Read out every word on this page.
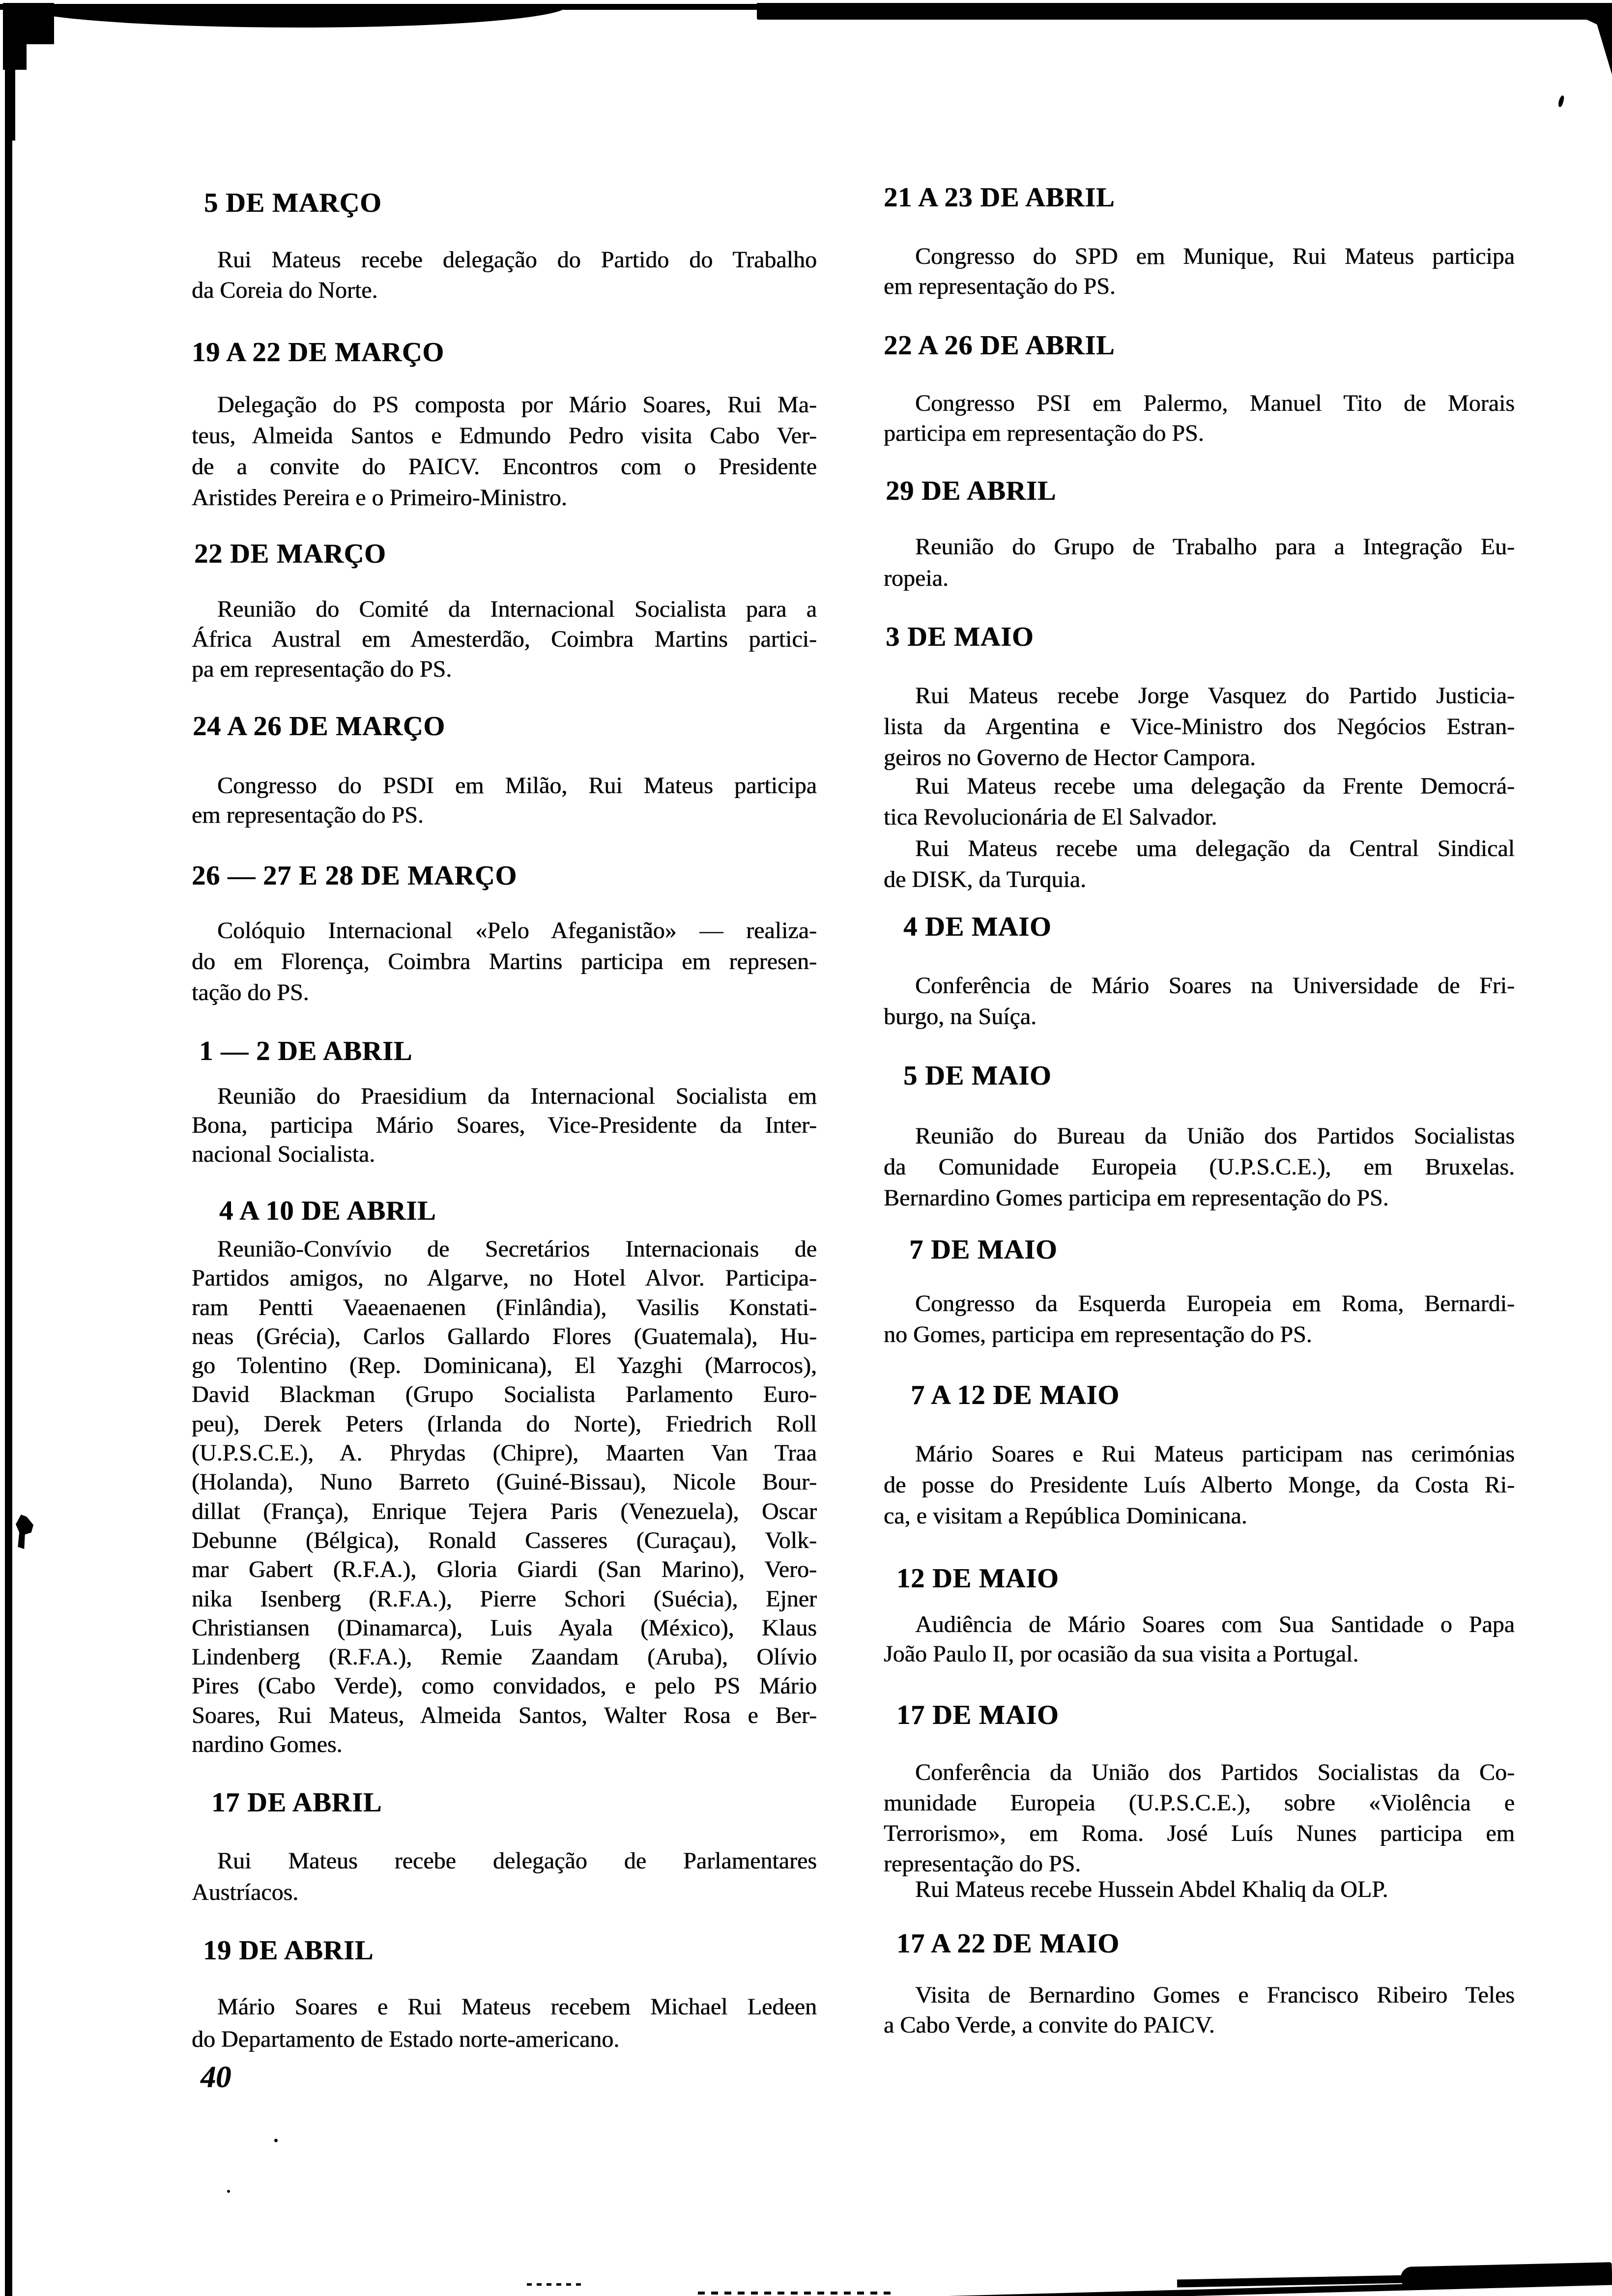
5 DE MARÇO
Rui Mateus recebe delegação do Partido do Trabalho
da Coreia do Norte.
19 A 22 DE MARÇO
Delegação do PS composta por Mário Soares, Rui Ma-
teus, Almeida Santos e Edmundo Pedro visita Cabo Ver-
de a convite do PAICV. Encontros com o Presidente
Aristides Pereira e o Primeiro-Ministro.
22 DE MARÇO
Reunião do Comité da Internacional Socialista para a
África Austral em Amesterdão, Coimbra Martins partici-
pa em representação do PS.
24 A 26 DE MARÇO
Congresso do PSDI em Milão, Rui Mateus participa
em representação do PS.
26 — 27 E 28 DE MARÇO
Colóquio Internacional «Pelo Afeganistão» — realiza-
do em Florença, Coimbra Martins participa em represen-
tação do PS.
1 — 2 DE ABRIL
Reunião do Praesidium da Internacional Socialista em
Bona, participa Mário Soares, Vice-Presidente da Inter-
nacional Socialista.
4 A 10 DE ABRIL
Reunião-Convívio de Secretários Internacionais de
Partidos amigos, no Algarve, no Hotel Alvor. Participa-
ram Pentti Vaeaenaenen (Finlândia), Vasilis Konstati-
neas (Grécia), Carlos Gallardo Flores (Guatemala), Hu-
go Tolentino (Rep. Dominicana), El Yazghi (Marrocos),
David Blackman (Grupo Socialista Parlamento Euro-
peu), Derek Peters (Irlanda do Norte), Friedrich Roll
(U.P.S.C.E.), A. Phrydas (Chipre), Maarten Van Traa
(Holanda), Nuno Barreto (Guiné-Bissau), Nicole Bour-
dillat (França), Enrique Tejera Paris (Venezuela), Oscar
Debunne (Bélgica), Ronald Casseres (Curaçau), Volk-
mar Gabert (R.F.A.), Gloria Giardi (San Marino), Vero-
nika Isenberg (R.F.A.), Pierre Schori (Suécia), Ejner
Christiansen (Dinamarca), Luis Ayala (México), Klaus
Lindenberg (R.F.A.), Remie Zaandam (Aruba), Olívio
Pires (Cabo Verde), como convidados, e pelo PS Mário
Soares, Rui Mateus, Almeida Santos, Walter Rosa e Ber-
nardino Gomes.
17 DE ABRIL
Rui Mateus recebe delegação de Parlamentares
Austríacos.
19 DE ABRIL
Mário Soares e Rui Mateus recebem Michael Ledeen
do Departamento de Estado norte-americano.
21 A 23 DE ABRIL
Congresso do SPD em Munique, Rui Mateus participa
em representação do PS.
22 A 26 DE ABRIL
Congresso PSI em Palermo, Manuel Tito de Morais
participa em representação do PS.
29 DE ABRIL
Reunião do Grupo de Trabalho para a Integração Eu-
ropeia.
3 DE MAIO
Rui Mateus recebe Jorge Vasquez do Partido Justicia-
lista da Argentina e Vice-Ministro dos Negócios Estran-
geiros no Governo de Hector Campora.
Rui Mateus recebe uma delegação da Frente Democrá-
tica Revolucionária de El Salvador.
Rui Mateus recebe uma delegação da Central Sindical
de DISK, da Turquia.
4 DE MAIO
Conferência de Mário Soares na Universidade de Fri-
burgo, na Suíça.
5 DE MAIO
Reunião do Bureau da União dos Partidos Socialistas
da Comunidade Europeia (U.P.S.C.E.), em Bruxelas.
Bernardino Gomes participa em representação do PS.
7 DE MAIO
Congresso da Esquerda Europeia em Roma, Bernardi-
no Gomes, participa em representação do PS.
7 A 12 DE MAIO
Mário Soares e Rui Mateus participam nas cerimónias
de posse do Presidente Luís Alberto Monge, da Costa Ri-
ca, e visitam a República Dominicana.
12 DE MAIO
Audiência de Mário Soares com Sua Santidade o Papa
João Paulo II, por ocasião da sua visita a Portugal.
17 DE MAIO
Conferência da União dos Partidos Socialistas da Co-
munidade Europeia (U.P.S.C.E.), sobre «Violência e
Terrorismo», em Roma. José Luís Nunes participa em
representação do PS.
Rui Mateus recebe Hussein Abdel Khaliq da OLP.
17 A 22 DE MAIO
Visita de Bernardino Gomes e Francisco Ribeiro Teles
a Cabo Verde, a convite do PAICV.
40
